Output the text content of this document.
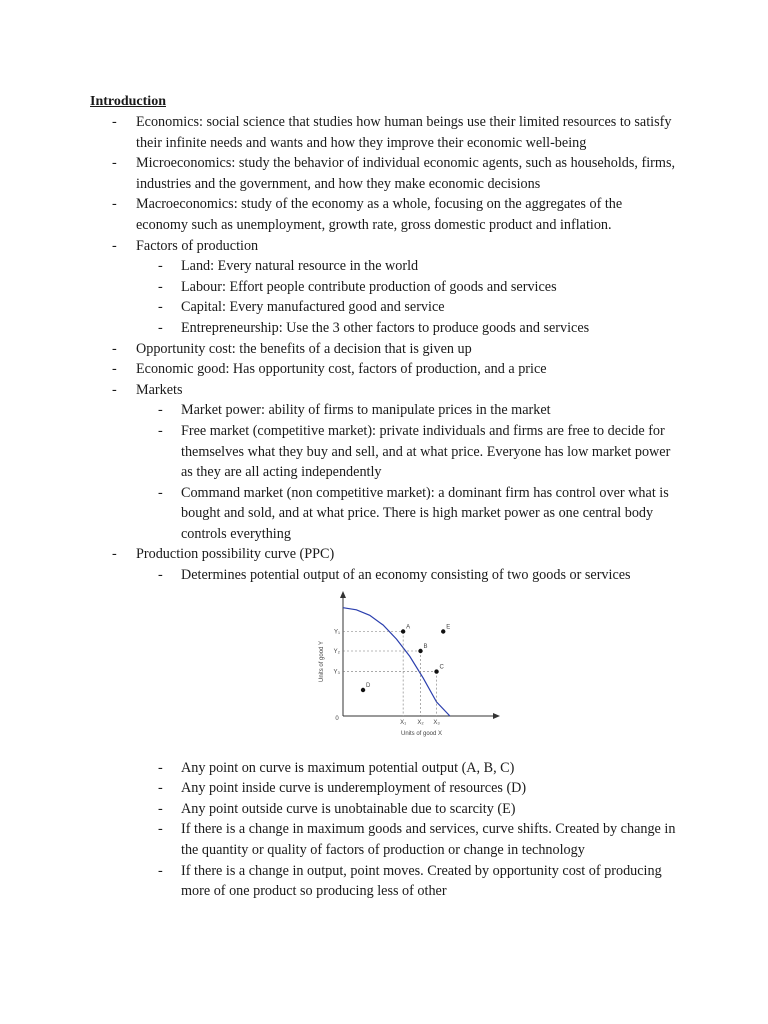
Introduction
- Economics: social science that studies how human beings use their limited resources to satisfy their infinite needs and wants and how they improve their economic well-being
- Microeconomics: study the behavior of individual economic agents, such as households, firms, industries and the government, and how they make economic decisions
- Macroeconomics: study of the economy as a whole, focusing on the aggregates of the economy such as unemployment, growth rate, gross domestic product and inflation.
- Factors of production
- Land: Every natural resource in the world
- Labour: Effort people contribute production of goods and services
- Capital: Every manufactured good and service
- Entrepreneurship: Use the 3 other factors to produce goods and services
- Opportunity cost: the benefits of a decision that is given up
- Economic good: Has opportunity cost, factors of production, and a price
- Markets
- Market power: ability of firms to manipulate prices in the market
- Free market (competitive market): private individuals and firms are free to decide for themselves what they buy and sell, and at what price. Everyone has low market power as they are all acting independently
- Command market (non competitive market): a dominant firm has control over what is bought and sold, and at what price. There is high market power as one central body controls everything
- Production possibility curve (PPC)
- Determines potential output of an economy consisting of two goods or services
X₁
Y₁
X₂
Y₂
X₃
Y₃
A
B
C
D
E
0
Units of good X
Units of good Y
- Any point on curve is maximum potential output (A, B, C)
- Any point inside curve is underemployment of resources (D)
- Any point outside curve is unobtainable due to scarcity (E)
- If there is a change in maximum goods and services, curve shifts. Created by change in the quantity or quality of factors of production or change in technology
- If there is a change in output, point moves. Created by opportunity cost of producing more of one product so producing less of other
